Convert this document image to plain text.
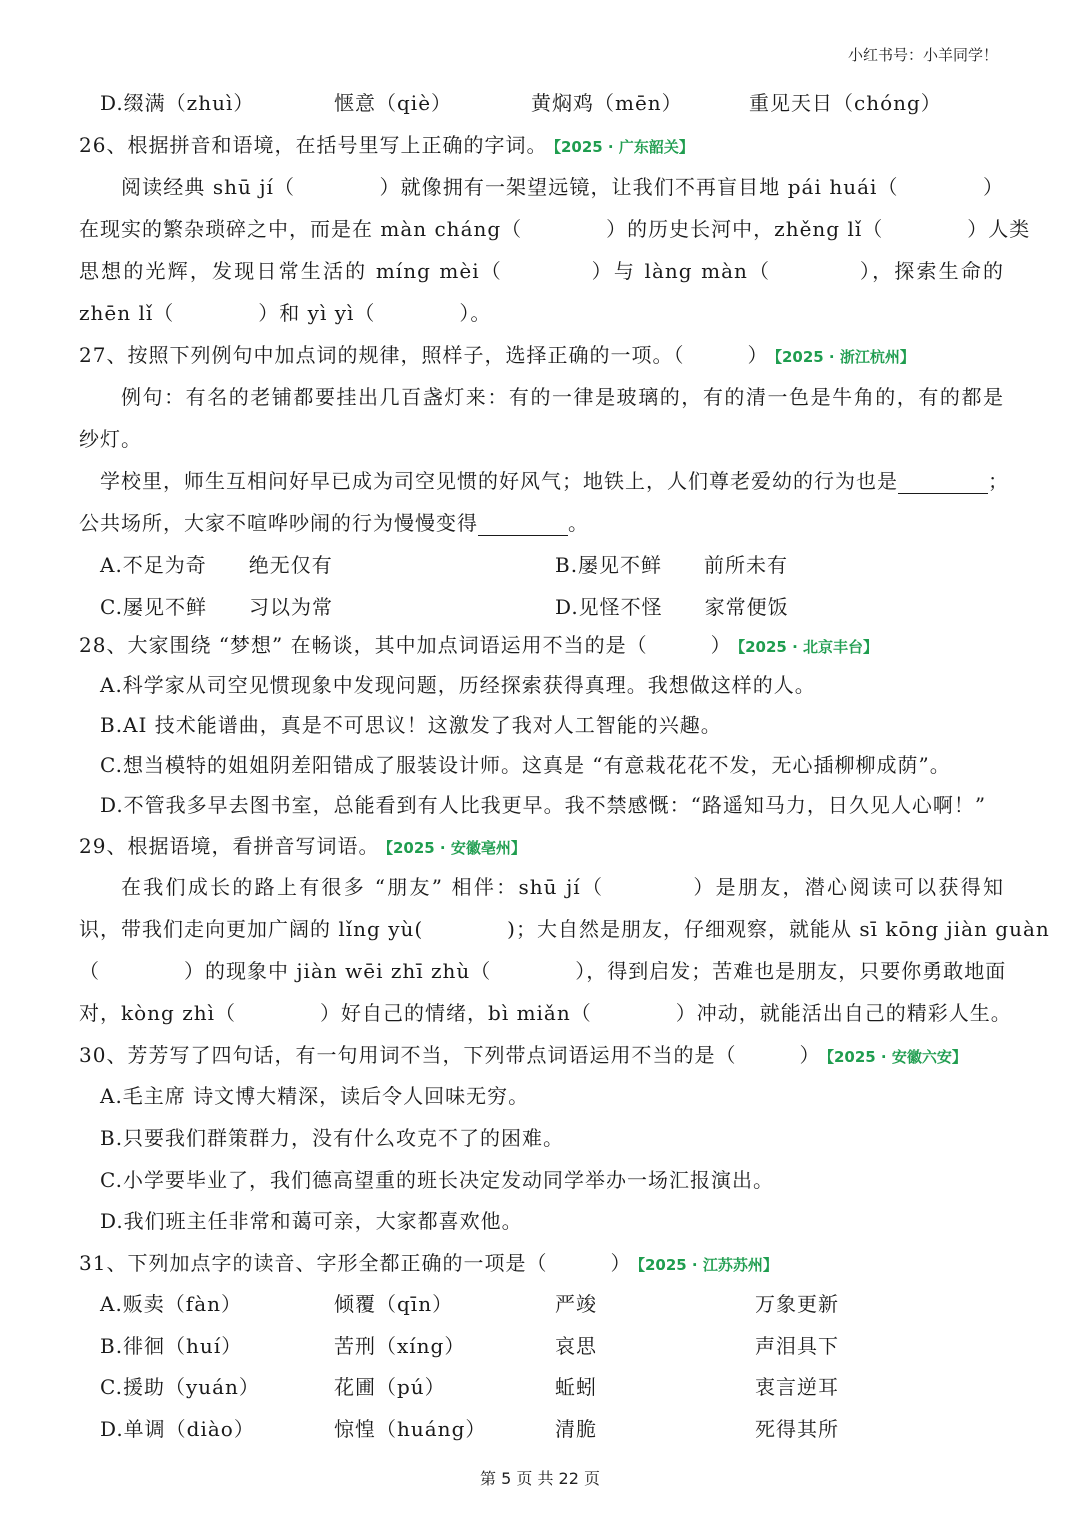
小红书号：小羊同学！
D.缀满（zhuì）	惬意（qiè）	黄焖鸡（mēn）	重见天日（chóng）
26、根据拼音和语境，在括号里写上正确的字词。 【2025 · 广东韶关】
阅读经典 shū jí（　　　　）就像拥有一架望远镜，让我们不再盲目地 pái huái（　　　　）
在现实的繁杂琐碎之中，而是在 màn cháng（　　　　）的历史长河中，zhěng lǐ（　　　　）人类
思想的光辉，发现日常生活的 míng mèi（　　　　）与 làng màn（　　　　），探索生命的
zhēn lǐ（　　　　）和 yì yì（　　　　）。
27、按照下列例句中加点词的规律，照样子，选择正确的一项。（　　　） 【2025 · 浙江杭州】
例句：有名的老铺都要挂出几百盏灯来：有的一律是玻璃的，有的清一色是牛角的，有的都是
纱灯。
学校里，师生互相问好早已成为司空见惯的好风气；地铁上，人们尊老爱幼的行为也是	；
公共场所，大家不喧哗吵闹的行为慢慢变得	。
A.不足为奇　　绝无仅有	B.屡见不鲜　　前所未有
C.屡见不鲜　　习以为常	D.见怪不怪　　家常便饭
28、大家围绕 “梦想” 在畅谈，其中加点词语运用不当的是（　　　） 【2025 · 北京丰台】
A.科学家从司空见惯现象中发现问题，历经探索获得真理。我想做这样的人。
B.AI 技术能谱曲，真是不可思议！这激发了我对人工智能的兴趣。
C.想当模特的姐姐阴差阳错成了服装设计师。这真是 “有意栽花花不发，无心插柳柳成荫”。
D.不管我多早去图书室，总能看到有人比我更早。我不禁感慨：“路遥知马力，日久见人心啊！”
29、根据语境，看拼音写词语。 【2025 · 安徽亳州】
在我们成长的路上有很多 “朋友” 相伴：shū jí（　　　　）是朋友，潜心阅读可以获得知
识，带我们走向更加广阔的 lǐng yù(　　　　)；大自然是朋友，仔细观察，就能从 sī kōng jiàn guàn
（　　　　）的现象中 jiàn wēi zhī zhù（　　　　），得到启发；苦难也是朋友，只要你勇敢地面
对，kòng zhì（　　　　）好自己的情绪，bì miǎn（　　　　）冲动，就能活出自己的精彩人生。
30、芳芳写了四句话，有一句用词不当，下列带点词语运用不当的是（　　　） 【2025 · 安徽六安】
A.毛主席 诗文博大精深，读后令人回味无穷。
B.只要我们群策群力，没有什么攻克不了的困难。
C.小学要毕业了，我们德高望重的班长决定发动同学举办一场汇报演出。
D.我们班主任非常和蔼可亲，大家都喜欢他。
31、下列加点字的读音、字形全都正确的一项是（　　　） 【2025 · 江苏苏州】
A.贩卖（fàn）	倾覆（qīn）	严竣	万象更新
B.徘徊（huí）	苦刑（xíng）	哀思	声泪具下
C.援助（yuán）	花圃（pú）	蚯蚓	衷言逆耳
D.单调（diào）	惊惶（huáng）	清脆	死得其所
第 5 页 共 22 页
